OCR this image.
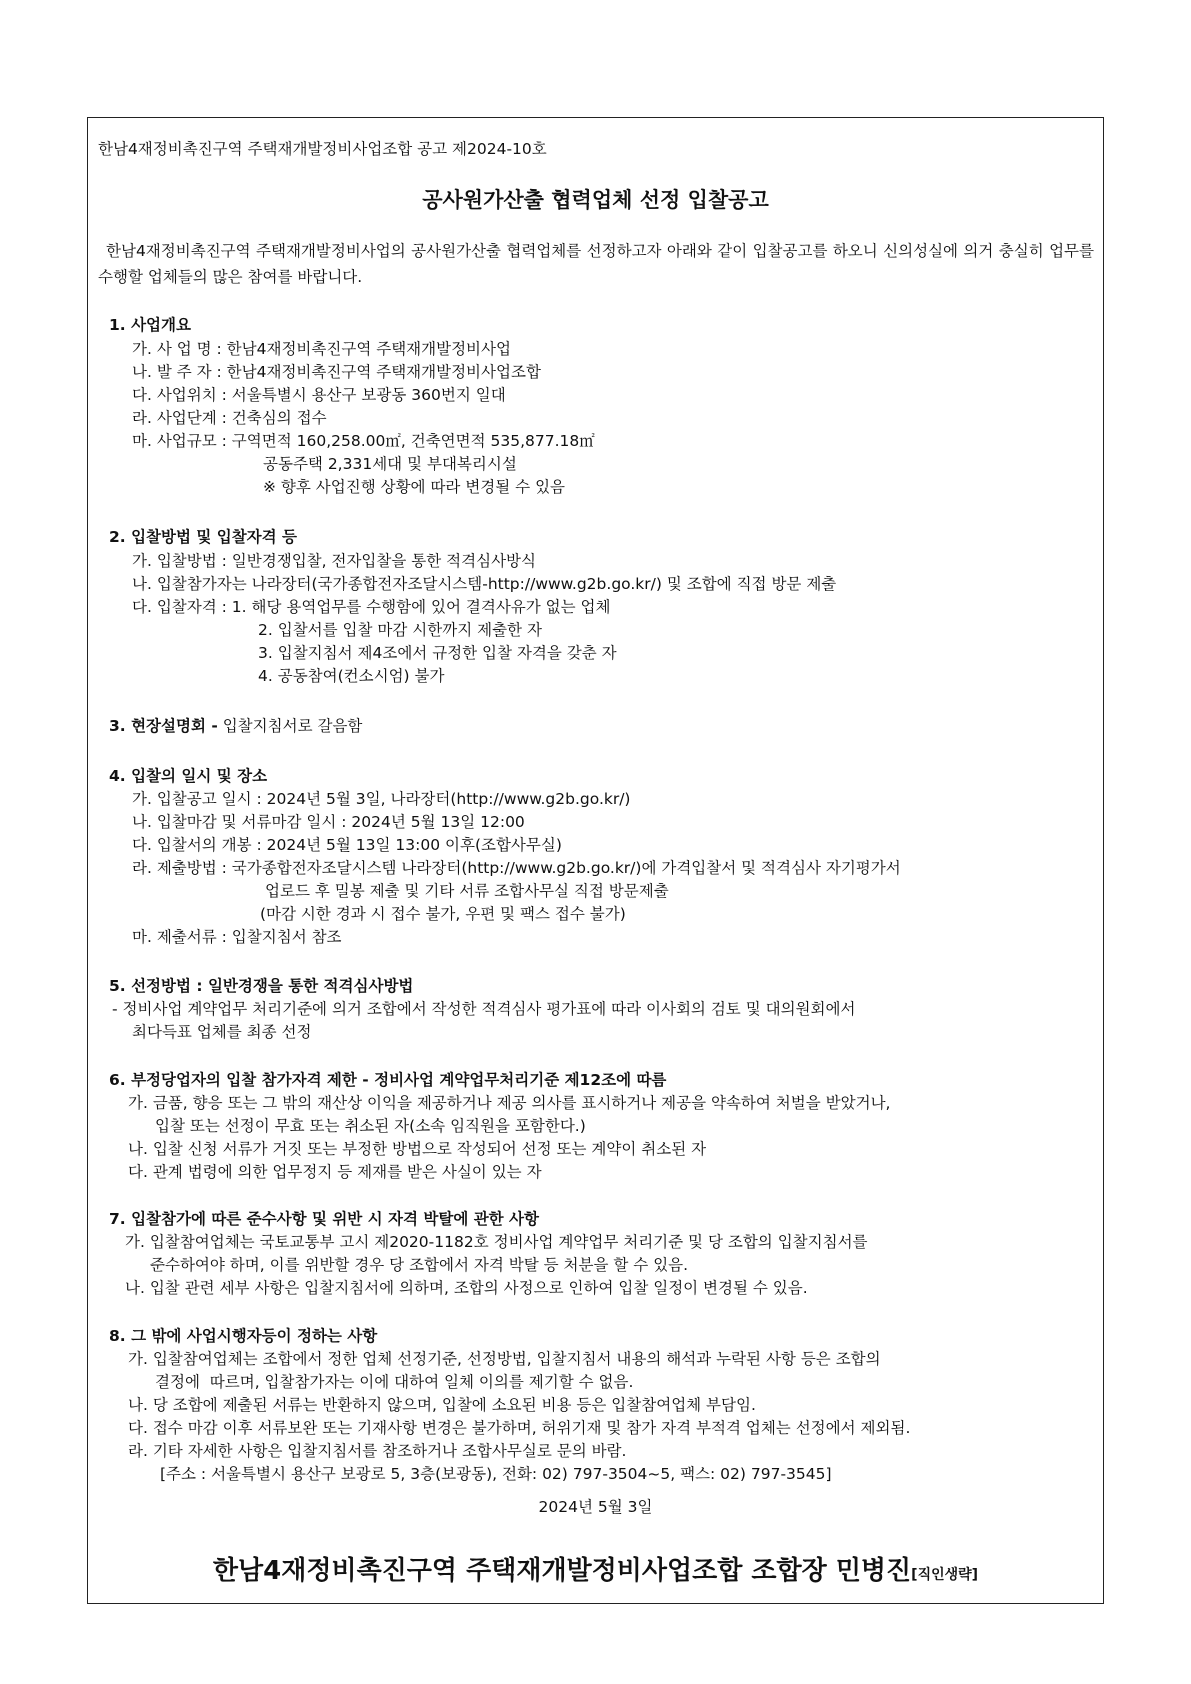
한남4재정비촉진구역 주택재개발정비사업조합 공고 제2024-10호
공사원가산출 협력업체 선정 입찰공고
한남4재정비촉진구역 주택재개발정비사업의 공사원가산출 협력업체를 선정하고자 아래와 같이 입찰공고를 하오니 신의성실에 의거 충실히 업무를 수행할 업체들의 많은 참여를 바랍니다.
1. 사업개요
가. 사 업 명 : 한남4재정비촉진구역 주택재개발정비사업
나. 발 주 자 : 한남4재정비촉진구역 주택재개발정비사업조합
다. 사업위치 : 서울특별시 용산구 보광동 360번지 일대
라. 사업단계 : 건축심의 접수
마. 사업규모 : 구역면적 160,258.00㎡, 건축연면적 535,877.18㎡
공동주택 2,331세대 및 부대복리시설
※ 향후 사업진행 상황에 따라 변경될 수 있음
2. 입찰방법 및 입찰자격 등
가. 입찰방법 : 일반경쟁입찰, 전자입찰을 통한 적격심사방식
나. 입찰참가자는 나라장터(국가종합전자조달시스템-http://www.g2b.go.kr/) 및 조합에 직접 방문 제출
다. 입찰자격 : 1. 해당 용역업무를 수행함에 있어 결격사유가 없는 업체
2. 입찰서를 입찰 마감 시한까지 제출한 자
3. 입찰지침서 제4조에서 규정한 입찰 자격을 갖춘 자
4. 공동참여(컨소시엄) 불가
3. 현장설명회 - 입찰지침서로 갈음함
4. 입찰의 일시 및 장소
가. 입찰공고 일시 : 2024년 5월 3일, 나라장터(http://www.g2b.go.kr/)
나. 입찰마감 및 서류마감 일시 : 2024년 5월 13일 12:00
다. 입찰서의 개봉 : 2024년 5월 13일 13:00 이후(조합사무실)
라. 제출방법 : 국가종합전자조달시스템 나라장터(http://www.g2b.go.kr/)에 가격입찰서 및 적격심사 자기평가서
업로드 후 밀봉 제출 및 기타 서류 조합사무실 직접 방문제출
(마감 시한 경과 시 접수 불가, 우편 및 팩스 접수 불가)
마. 제출서류 : 입찰지침서 참조
5. 선정방법 : 일반경쟁을 통한 적격심사방법
- 정비사업 계약업무 처리기준에 의거 조합에서 작성한 적격심사 평가표에 따라 이사회의 검토 및 대의원회에서
최다득표 업체를 최종 선정
6. 부정당업자의 입찰 참가자격 제한 - 정비사업 계약업무처리기준 제12조에 따름
가. 금품, 향응 또는 그 밖의 재산상 이익을 제공하거나 제공 의사를 표시하거나 제공을 약속하여 처벌을 받았거나,
입찰 또는 선정이 무효 또는 취소된 자(소속 임직원을 포함한다.)
나. 입찰 신청 서류가 거짓 또는 부정한 방법으로 작성되어 선정 또는 계약이 취소된 자
다. 관계 법령에 의한 업무정지 등 제재를 받은 사실이 있는 자
7. 입찰참가에 따른 준수사항 및 위반 시 자격 박탈에 관한 사항
가. 입찰참여업체는 국토교통부 고시 제2020-1182호 정비사업 계약업무 처리기준 및 당 조합의 입찰지침서를
준수하여야 하며, 이를 위반할 경우 당 조합에서 자격 박탈 등 처분을 할 수 있음.
나. 입찰 관련 세부 사항은 입찰지침서에 의하며, 조합의 사정으로 인하여 입찰 일정이 변경될 수 있음.
8. 그 밖에 사업시행자등이 정하는 사항
가. 입찰참여업체는 조합에서 정한 업체 선정기준, 선정방법, 입찰지침서 내용의 해석과 누락된 사항 등은 조합의
결정에  따르며, 입찰참가자는 이에 대하여 일체 이의를 제기할 수 없음.
나. 당 조합에 제출된 서류는 반환하지 않으며, 입찰에 소요된 비용 등은 입찰참여업체 부담임.
다. 접수 마감 이후 서류보완 또는 기재사항 변경은 불가하며, 허위기재 및 참가 자격 부적격 업체는 선정에서 제외됨.
라. 기타 자세한 사항은 입찰지침서를 참조하거나 조합사무실로 문의 바람.
[주소 : 서울특별시 용산구 보광로 5, 3층(보광동), 전화: 02) 797-3504~5, 팩스: 02) 797-3545]
2024년 5월 3일
한남4재정비촉진구역 주택재개발정비사업조합 조합장 민병진[직인생략]
